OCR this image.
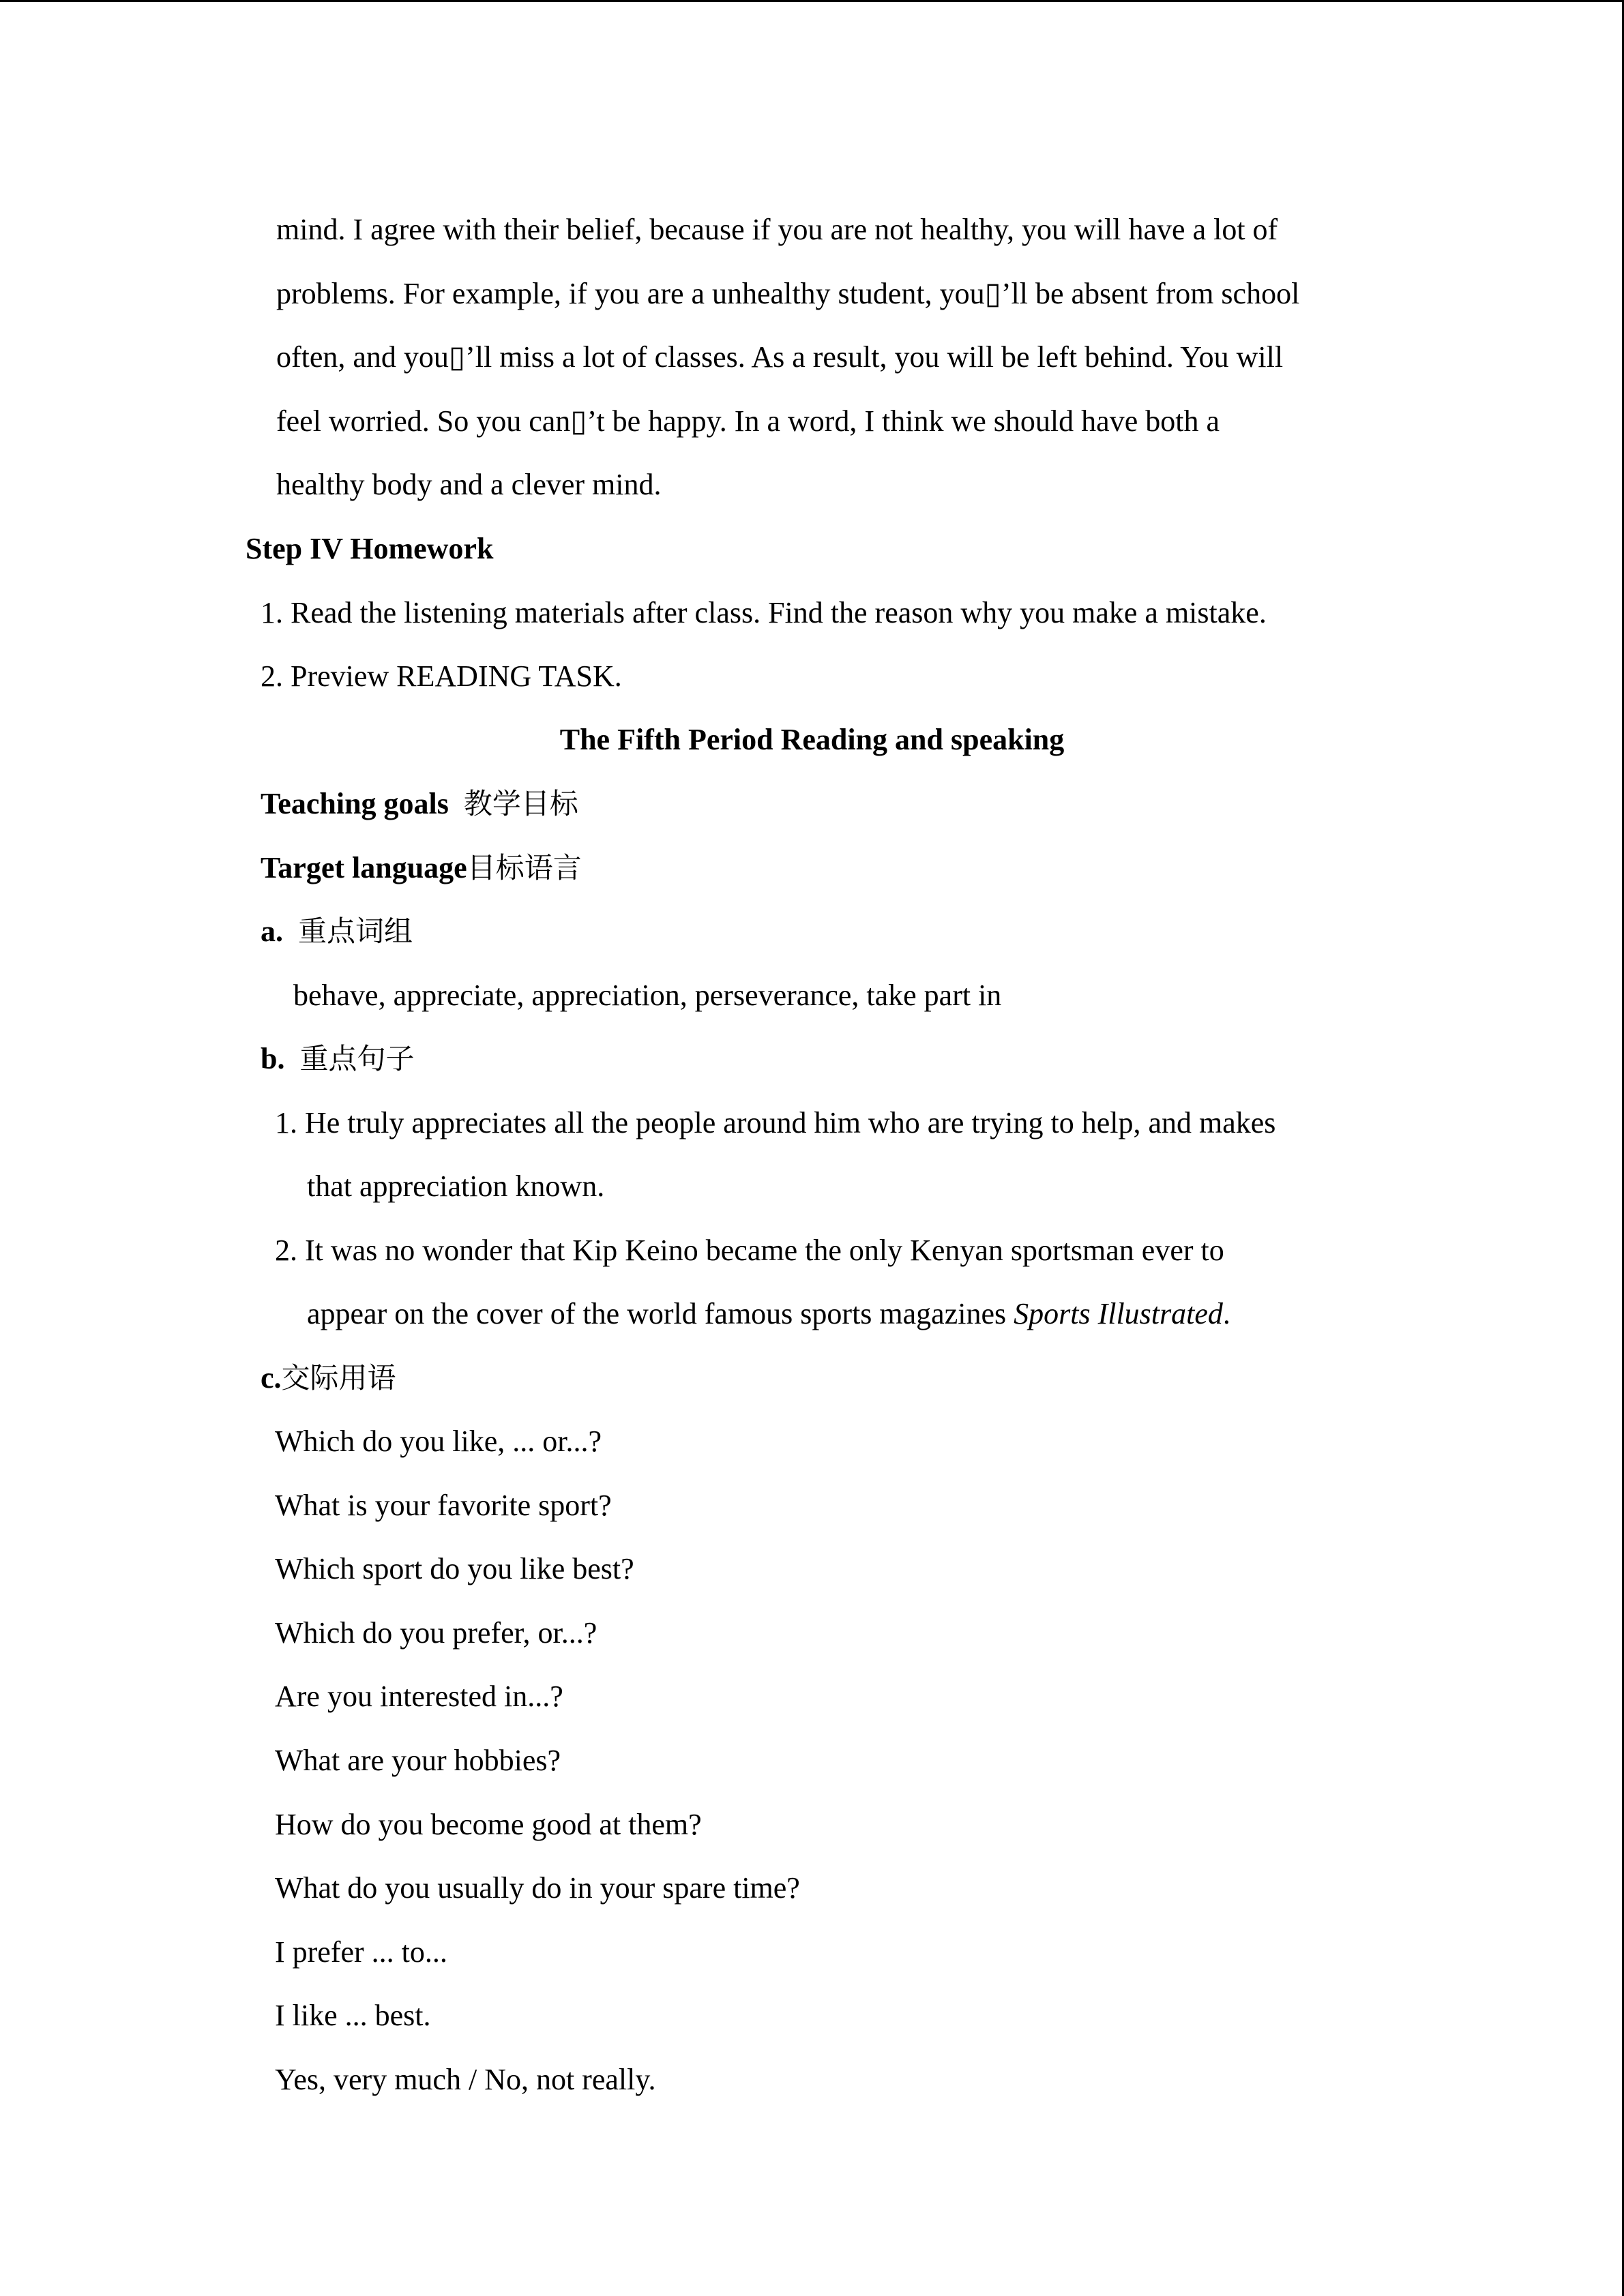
mind. I agree with their belief, because if you are not healthy, you will have a lot of
problems. For example, if you are a unhealthy student, you▯’ll be absent from school
often, and you▯’ll miss a lot of classes. As a result, you will be left behind. You will
feel worried. So you can▯’t be happy. In a word, I think we should have both a
healthy body and a clever mind.
Step IV Homework
1. Read the listening materials after class. Find the reason why you make a mistake.
2. Preview READING TASK.
The Fifth Period Reading and speaking
Teaching goals 教学目标
Target language目标语言
a. 重点词组
behave, appreciate, appreciation, perseverance, take part in
b. 重点句子
1. He truly appreciates all the people around him who are trying to help, and makes
that appreciation known.
2. It was no wonder that Kip Keino became the only Kenyan sportsman ever to
appear on the cover of the world famous sports magazines Sports Illustrated.
c.交际用语
Which do you like, ... or...?
What is your favorite sport?
Which sport do you like best?
Which do you prefer, or...?
Are you interested in...?
What are your hobbies?
How do you become good at them?
What do you usually do in your spare time?
I prefer ... to...
I like ... best.
Yes, very much / No, not really.
